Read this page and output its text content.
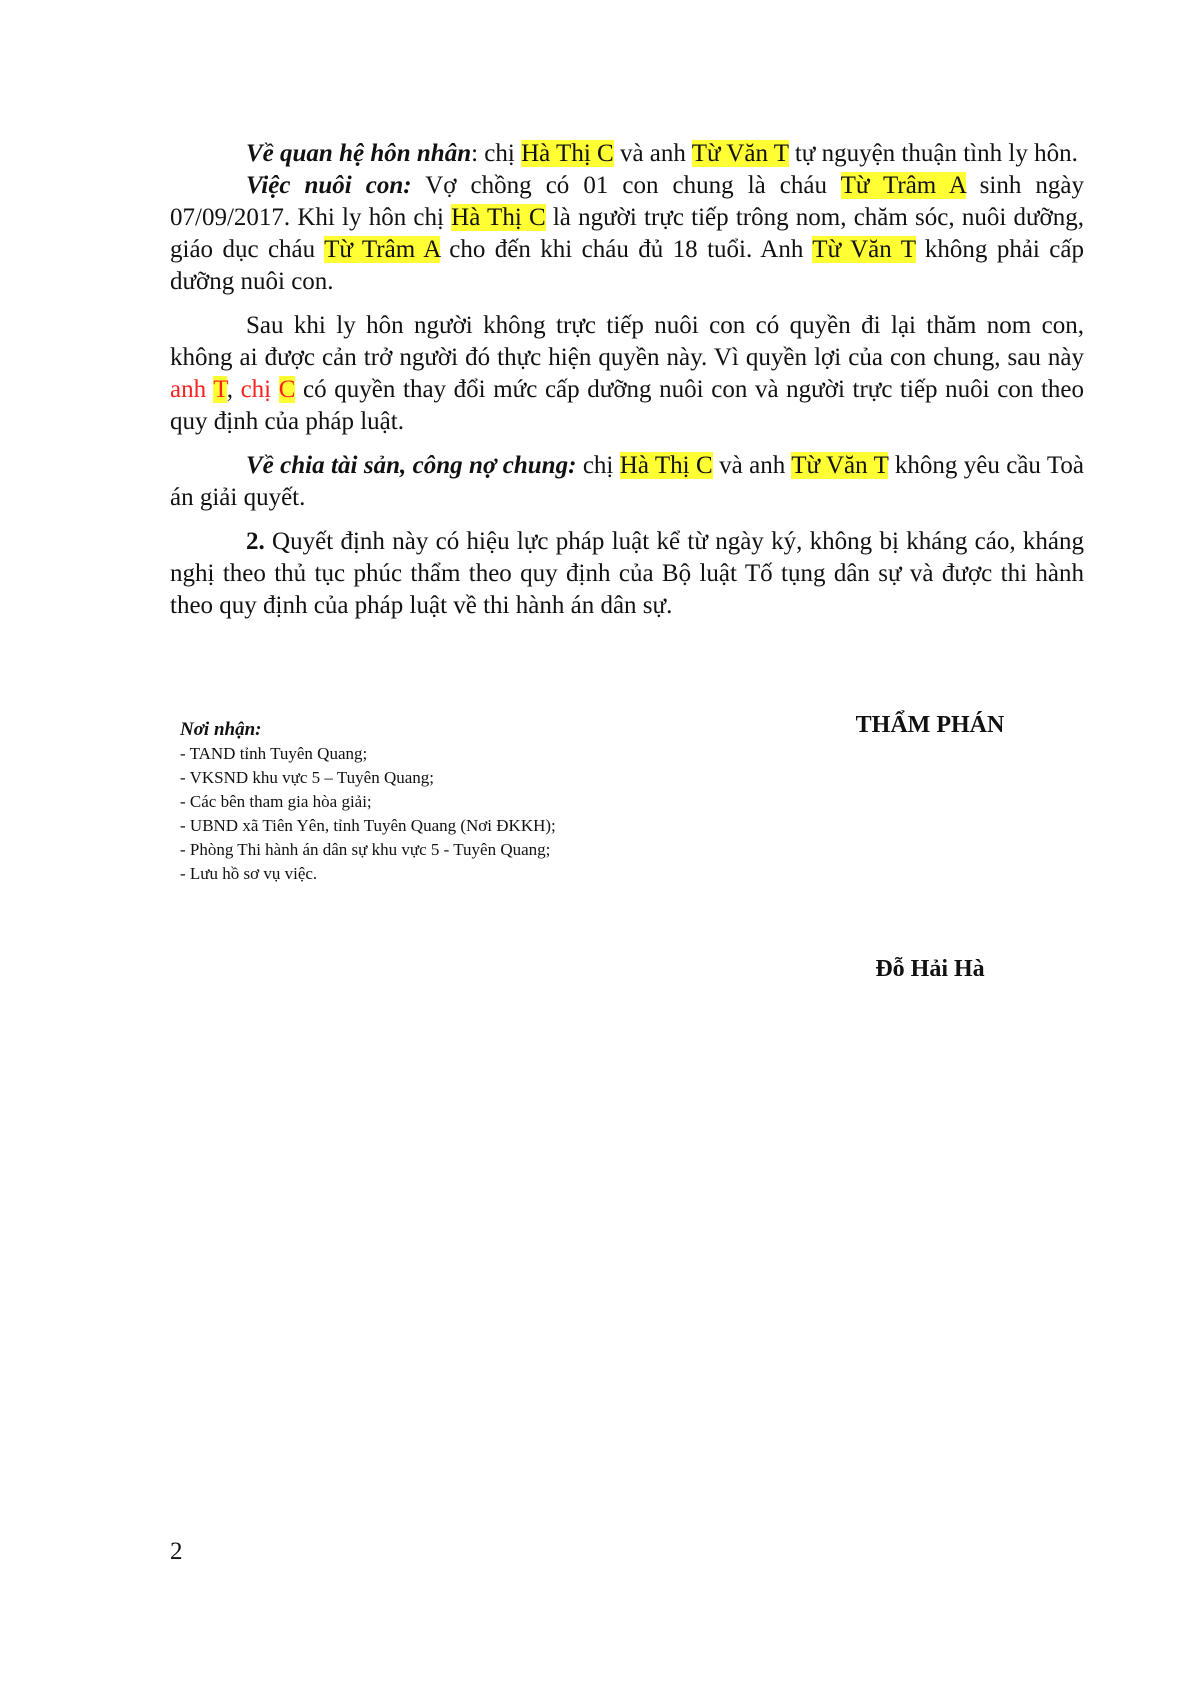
Về quan hệ hôn nhân: chị Hà Thị C và anh Từ Văn T tự nguyện thuận tình ly hôn.

Việc nuôi con: Vợ chồng có 01 con chung là cháu Từ Trâm A sinh ngày 07/09/2017. Khi ly hôn chị Hà Thị C là người trực tiếp trông nom, chăm sóc, nuôi dưỡng, giáo dục cháu Từ Trâm A cho đến khi cháu đủ 18 tuổi. Anh Từ Văn T không phải cấp dưỡng nuôi con.

Sau khi ly hôn người không trực tiếp nuôi con có quyền đi lại thăm nom con, không ai được cản trở người đó thực hiện quyền này. Vì quyền lợi của con chung, sau này anh T, chị C có quyền thay đổi mức cấp dưỡng nuôi con và người trực tiếp nuôi con theo quy định của pháp luật.

Về chia tài sản, công nợ chung: chị Hà Thị C và anh Từ Văn T không yêu cầu Toà án giải quyết.

2. Quyết định này có hiệu lực pháp luật kể từ ngày ký, không bị kháng cáo, kháng nghị theo thủ tục phúc thẩm theo quy định của Bộ luật Tố tụng dân sự và được thi hành theo quy định của pháp luật về thi hành án dân sự.

Nơi nhận:
- TAND tỉnh Tuyên Quang;
- VKSND khu vực 5 – Tuyên Quang;
- Các bên tham gia hòa giải;
- UBND xã Tiên Yên, tỉnh Tuyên Quang (Nơi ĐKKH);
- Phòng Thi hành án dân sự khu vực 5 - Tuyên Quang;
- Lưu hồ sơ vụ việc.
THẨM PHÁN
Đỗ Hải Hà
2
